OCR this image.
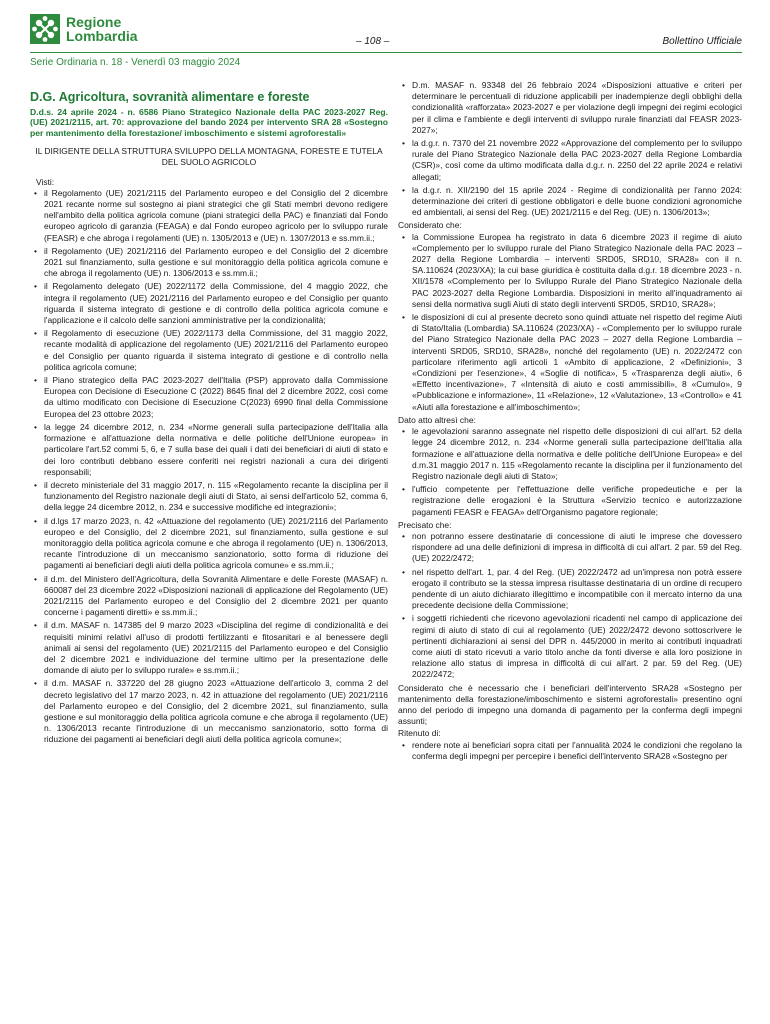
Regione
Lombardia	– 108 –	Bollettino Ufficiale
Serie Ordinaria n. 18 - Venerdì 03 maggio 2024
D.G. Agricoltura, sovranità alimentare e foreste
D.d.s. 24 aprile 2024 - n. 6586 Piano Strategico Nazionale della PAC 2023-2027 Reg. (UE) 2021/2115, art. 70: approvazione del bando 2024 per intervento SRA 28 «Sostegno per mantenimento della forestazione/ imboschimento e sistemi agroforestali»
IL DIRIGENTE DELLA STRUTTURA SVILUPPO DELLA MONTAGNA, FORESTE E TUTELA DEL SUOLO AGRICOLO
Visti:
• il Regolamento (UE) 2021/2115 del Parlamento europeo e del Consiglio del 2 dicembre 2021 recante norme sul sostegno ai piani strategici che gli Stati membri devono redigere nell'ambito della politica agricola comune (piani strategici della PAC) e finanziati dal Fondo europeo agricolo di garanzia (FEAGA) e dal Fondo europeo agricolo per lo sviluppo rurale (FEASR) e che abroga i regolamenti (UE) n. 1305/2013 e (UE) n. 1307/2013 e ss.mm.ii.;
• il Regolamento (UE) 2021/2116 del Parlamento europeo e del Consiglio del 2 dicembre 2021 sul finanziamento, sulla gestione e sul monitoraggio della politica agricola comune e che abroga il regolamento (UE) n. 1306/2013 e ss.mm.ii.;
• il Regolamento delegato (UE) 2022/1172 della Commissione, del 4 maggio 2022, che integra il regolamento (UE) 2021/2116 del Parlamento europeo e del Consiglio per quanto riguarda il sistema integrato di gestione e di controllo della politica agricola comune e l'applicazione e il calcolo delle sanzioni amministrative per la condizionalità;
• il Regolamento di esecuzione (UE) 2022/1173 della Commissione, del 31 maggio 2022, recante modalità di applicazione del regolamento (UE) 2021/2116 del Parlamento europeo e del Consiglio per quanto riguarda il sistema integrato di gestione e di controllo nella politica agricola comune;
• il Piano strategico della PAC 2023-2027 dell'Italia (PSP) approvato dalla Commissione Europea con Decisione di Esecuzione C (2022) 8645 final del 2 dicembre 2022, così come da ultimo modificato con Decisione di Esecuzione C(2023) 6990 final della Commissione Europea del 23 ottobre 2023;
• la legge 24 dicembre 2012, n. 234 «Norme generali sulla partecipazione dell'Italia alla formazione e all'attuazione della normativa e delle politiche dell'Unione europea» in particolare l'art.52 commi 5, 6, e 7 sulla base dei quali i dati dei beneficiari di aiuti di stato e dei loro contributi debbano essere conferiti nei registri nazionali a cura dei dirigenti responsabili;
• il decreto ministeriale del 31 maggio 2017, n. 115 «Regolamento recante la disciplina per il funzionamento del Registro nazionale degli aiuti di Stato, ai sensi dell'articolo 52, comma 6, della legge 24 dicembre 2012, n. 234 e successive modifiche ed integrazioni»;
• il d.lgs 17 marzo 2023, n. 42 «Attuazione del regolamento (UE) 2021/2116 del Parlamento europeo e del Consiglio, del 2 dicembre 2021, sul finanziamento, sulla gestione e sul monitoraggio della politica agricola comune e che abroga il regolamento (UE) n. 1306/2013, recante l'introduzione di un meccanismo sanzionatorio, sotto forma di riduzione dei pagamenti ai beneficiari degli aiuti della politica agricola comune» e ss.mm.ii.;
• il d.m. del Ministero dell'Agricoltura, della Sovranità Alimentare e delle Foreste (MASAF) n. 660087 del 23 dicembre 2022 «Disposizioni nazionali di applicazione del Regolamento (UE) 2021/2115 del Parlamento europeo e del Consiglio del 2 dicembre 2021 per quanto concerne i pagamenti diretti» e ss.mm.ii.;
• il d.m. MASAF n. 147385 del 9 marzo 2023 «Disciplina del regime di condizionalità e dei requisiti minimi relativi all'uso di prodotti fertilizzanti e fitosanitari e al benessere degli animali ai sensi del regolamento (UE) 2021/2115 del Parlamento europeo e del Consiglio del 2 dicembre 2021 e individuazione del termine ultimo per la presentazione delle domande di aiuto per lo sviluppo rurale» e ss.mm.ii.;
• il d.m. MASAF n. 337220 del 28 giugno 2023 «Attuazione dell'articolo 3, comma 2 del decreto legislativo del 17 marzo 2023, n. 42 in attuazione del regolamento (UE) 2021/2116 del Parlamento europeo e del Consiglio, del 2 dicembre 2021, sul finanziamento, sulla gestione e sul monitoraggio della politica agricola comune e che abroga il regolamento (UE) n. 1306/2013 recante l'introduzione di un meccanismo sanzionatorio, sotto forma di riduzione dei pagamenti ai beneficiari degli aiuti della politica agricola comune»;
• D.m. MASAF n. 93348 del 26 febbraio 2024 «Disposizioni attuative e criteri per determinare le percentuali di riduzione applicabili per inadempienze degli obblighi della condizionalità «rafforzata» 2023-2027 e per violazione degli impegni dei regimi ecologici per il clima e l'ambiente e degli interventi di sviluppo rurale finanziati dal FEASR 2023-2027»;
• la d.g.r. n. 7370 del 21 novembre 2022 «Approvazione del complemento per lo sviluppo rurale del Piano Strategico Nazionale della PAC 2023-2027 della Regione Lombardia (CSR)», così come da ultimo modificata dalla d.g.r. n. 2250 del 22 aprile 2024 e relativi allegati;
• la d.g.r. n. XII/2190 del 15 aprile 2024 - Regime di condizionalità per l'anno 2024: determinazione dei criteri di gestione obbligatori e delle buone condizioni agronomiche ed ambientali, ai sensi del Reg. (UE) 2021/2115 e del Reg. (UE) n. 1306/2013»;
Considerato che:
• la Commissione Europea ha registrato in data 6 dicembre 2023 il regime di aiuto «Complemento per lo sviluppo rurale del Piano Strategico Nazionale della PAC 2023 – 2027 della Regione Lombardia – interventi SRD05, SRD10, SRA28» con il n. SA.110624 (2023/XA); la cui base giuridica è costituita dalla d.g.r. 18 dicembre 2023 - n. XII/1578 «Complemento per lo Sviluppo Rurale del Piano Strategico Nazionale della PAC 2023-2027 della Regione Lombardia. Disposizioni in merito all'inquadramento ai sensi della normativa sugli Aiuti di stato degli interventi SRD05, SRD10, SRA28»;
• le disposizioni di cui al presente decreto sono quindi attuate nel rispetto del regime Aiuti di Stato/Italia (Lombardia) SA.110624 (2023/XA) - «Complemento per lo sviluppo rurale del Piano Strategico Nazionale della PAC 2023 – 2027 della Regione Lombardia – interventi SRD05, SRD10, SRA28», nonché del regolamento (UE) n. 2022/2472 con particolare riferimento agli articoli 1 «Ambito di applicazione, 2 «Definizioni», 3 «Condizioni per l'esenzione», 4 «Soglie di notifica», 5 «Trasparenza degli aiuti», 6 «Effetto incentivazione», 7 «Intensità di aiuto e costi ammissibili», 8 «Cumulo», 9 «Pubblicazione e informazione», 11 «Relazione», 12 «Valutazione», 13 «Controllo» e 41 «Aiuti alla forestazione e all'imboschimento»;
Dato atto altresì che:
• le agevolazioni saranno assegnate nel rispetto delle disposizioni di cui all'art. 52 della legge 24 dicembre 2012, n. 234 «Norme generali sulla partecipazione dell'Italia alla formazione e all'attuazione della normativa e delle politiche dell'Unione Europea» e del d.m.31 maggio 2017 n. 115 «Regolamento recante la disciplina per il funzionamento del Registro nazionale degli aiuti di Stato»;
• l'ufficio competente per l'effettuazione delle verifiche propedeutiche e per la registrazione delle erogazioni è la Struttura «Servizio tecnico e autorizzazione pagamenti FEASR e FEAGA» dell'Organismo pagatore regionale;
Precisato che:
• non potranno essere destinatarie di concessione di aiuti le imprese che dovessero rispondere ad una delle definizioni di impresa in difficoltà di cui all'art. 2 par. 59 del Reg. (UE) 2022/2472;
• nel rispetto dell'art. 1, par. 4 del Reg. (UE) 2022/2472 ad un'impresa non potrà essere erogato il contributo se la stessa impresa risultasse destinataria di un ordine di recupero pendente di un aiuto dichiarato illegittimo e incompatibile con il mercato interno da una precedente decisione della Commissione;
• i soggetti richiedenti che ricevono agevolazioni ricadenti nel campo di applicazione dei regimi di aiuto di stato di cui al regolamento (UE) 2022/2472 devono sottoscrivere le pertinenti dichiarazioni ai sensi del DPR n. 445/2000 in merito ai contributi inquadrati come aiuti di stato ricevuti a vario titolo anche da fonti diverse e alla loro posizione in relazione allo status di impresa in difficoltà di cui all'art. 2 par. 59 del Reg. (UE) 2022/2472;

Considerato che è necessario che i beneficiari dell'intervento SRA28 «Sostegno per mantenimento della forestazione/imboschimento e sistemi agroforestali» presentino ogni anno del periodo di impegno una domanda di pagamento per la conferma degli impegni assunti;

Ritenuto di:
• rendere note ai beneficiari sopra citati per l'annualità 2024 le condizioni che regolano la conferma degli impegni per percepire i benefici dell'intervento SRA28 «Sostegno per
